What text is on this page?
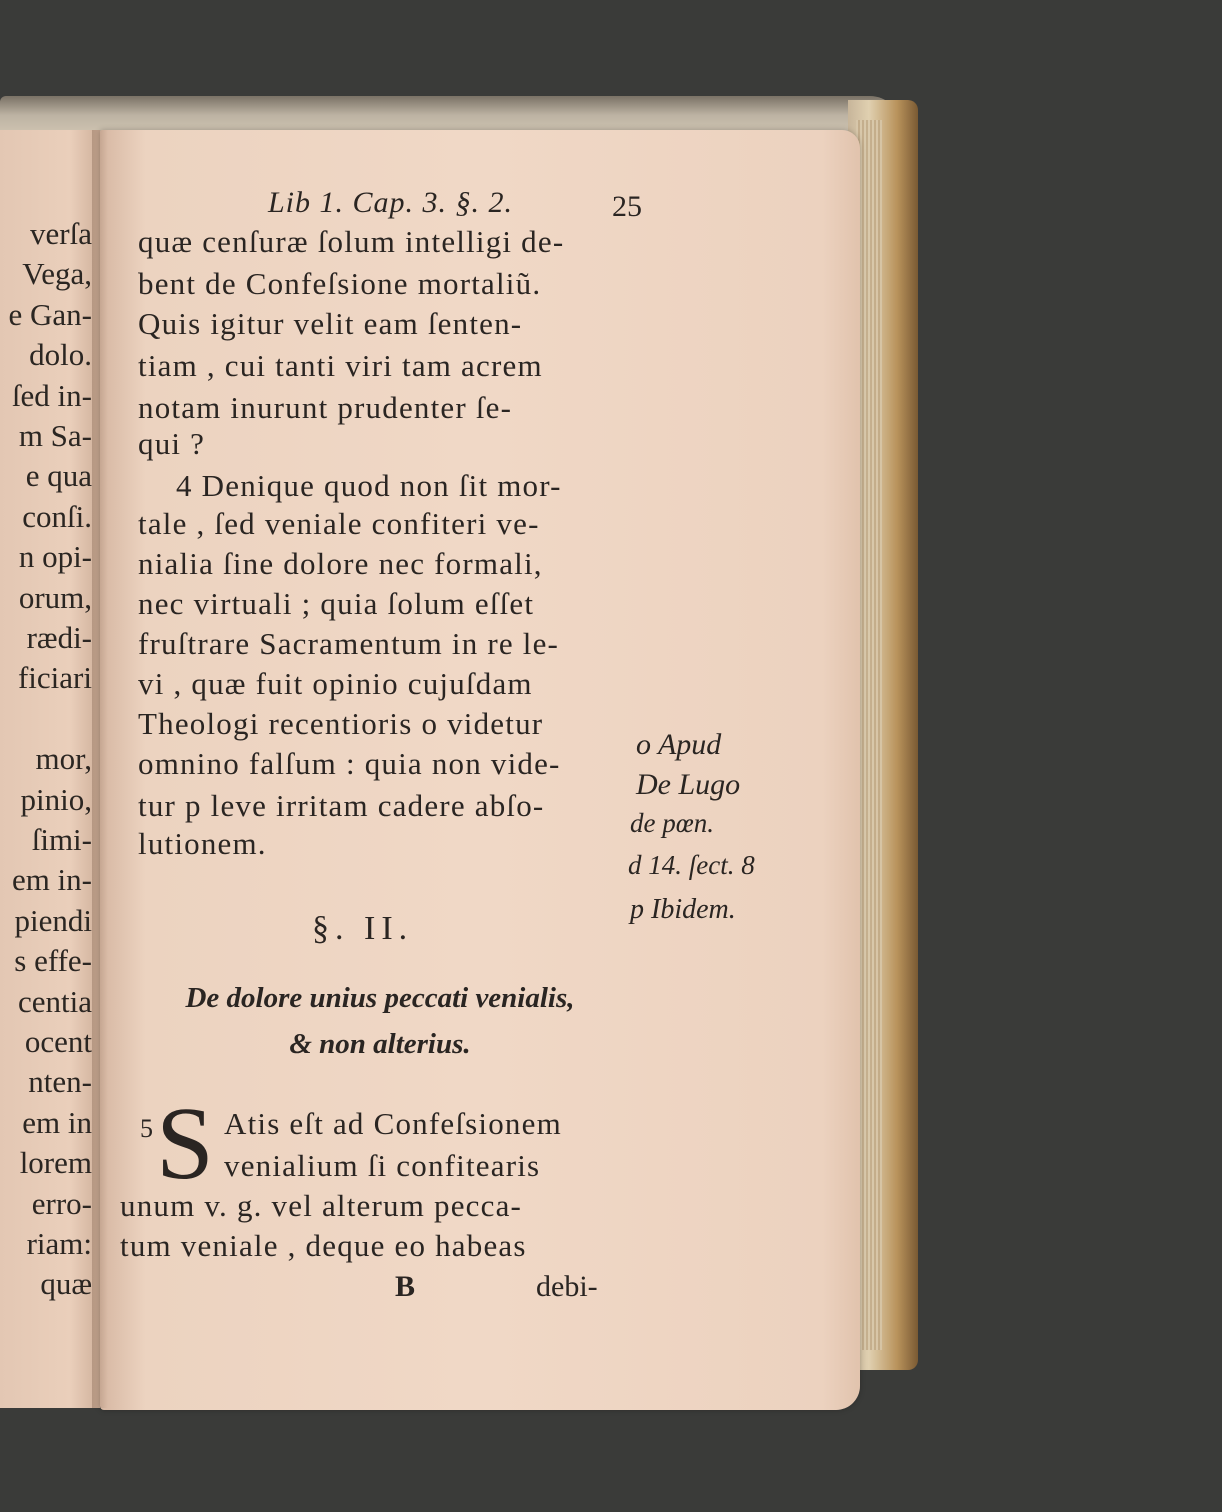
verſa
Vega,
e Gan-
dolo.
ſed in-
m Sa-
e qua
conſi.
n opi-
orum,
rædi-
ficiari
mor,
pinio,
ſimi-
em in-
piendi
s effe-
centia
ocent
nten-
em in
lorem
erro-
riam:
quæ
Lib 1. Cap. 3. §. 2.	25
quæ cenſuræ ſolum intelligi de-
bent de Confeſsione mortaliũ.
Quis igitur velit eam ſenten-
tiam , cui tanti viri tam acrem
notam inurunt prudenter ſe-
qui ?
4 Denique quod non ſit mor-
tale , ſed veniale confiteri ve-
nialia ſine dolore nec formali,
nec virtuali ; quia ſolum eſſet
fruſtrare Sacramentum in re le-
vi , quæ fuit opinio cujuſdam
Theologi recentioris o videtur
omnino falſum : quia non vide-
tur p leve irritam cadere abſo-
lutionem.
§. II.
De dolore unius peccati venialis,
& non alterius.
5 S Atis eſt ad Confeſsionem
venialium ſi confitearis
unum v. g. vel alterum pecca-
tum veniale , deque eo habeas
B	debi-
o Apud
De Lugo
de pœn.
d 14. ſect. 8
p Ibidem.
